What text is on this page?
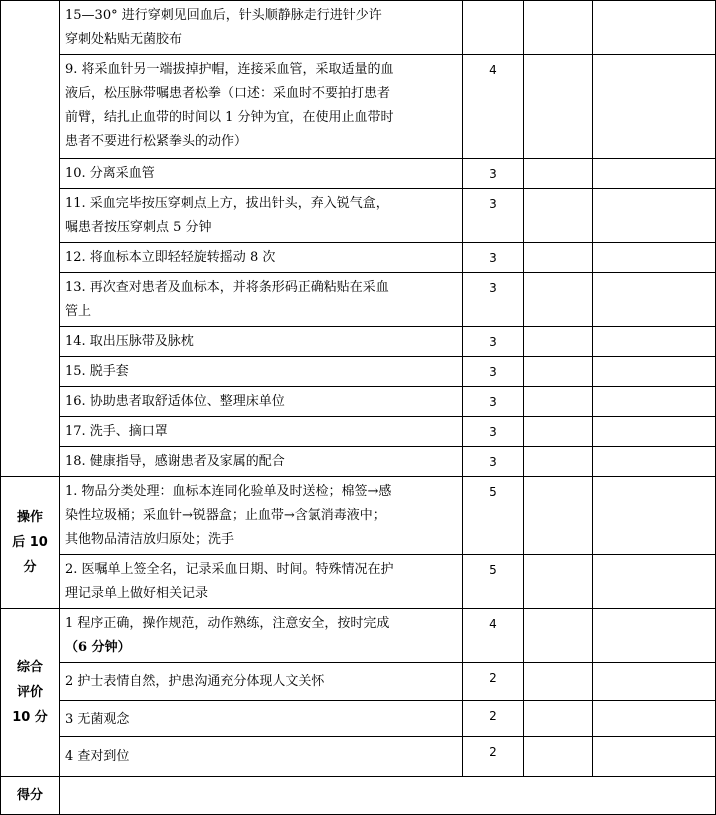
	15—30° 进行穿刺见回血后，针头顺静脉走行进针少许
穿刺处粘贴无菌胶布			

	9. 将采血针另一端拔掉护帽，连接采血管，采取适量的血
液后，松压脉带嘱患者松拳（口述：采血时不要拍打患者
前臂，结扎止血带的时间以 1 分钟为宜，在使用止血带时
患者不要进行松紧拳头的动作）	4		

	10. 分离采血管	3		

	11. 采血完毕按压穿刺点上方，拔出针头，弃入锐气盒，
嘱患者按压穿刺点 5 分钟	3		

	12. 将血标本立即轻轻旋转摇动 8 次	3		

	13. 再次查对患者及血标本，并将条形码正确粘贴在采血
管上	3		

	14. 取出压脉带及脉枕	3		

	15. 脱手套	3		

	16. 协助患者取舒适体位、整理床单位	3		

	17. 洗手、摘口罩	3		

	18. 健康指导，感谢患者及家属的配合	3		

操作
后 10
分	1. 物品分类处理：血标本连同化验单及时送检；棉签→感
染性垃圾桶；采血针→锐器盒；止血带→含氯消毒液中；
其他物品清洁放归原处；洗手	5		

	2. 医嘱单上签全名，记录采血日期、时间。特殊情况在护
理记录单上做好相关记录	5		

综合
评价
10 分	1 程序正确，操作规范，动作熟练，注意安全，按时完成
（6 分钟）	4		

	2 护士表情自然，护患沟通充分体现人文关怀	2		

	3 无菌观念	2		

	4 查对到位	2		
得分				
